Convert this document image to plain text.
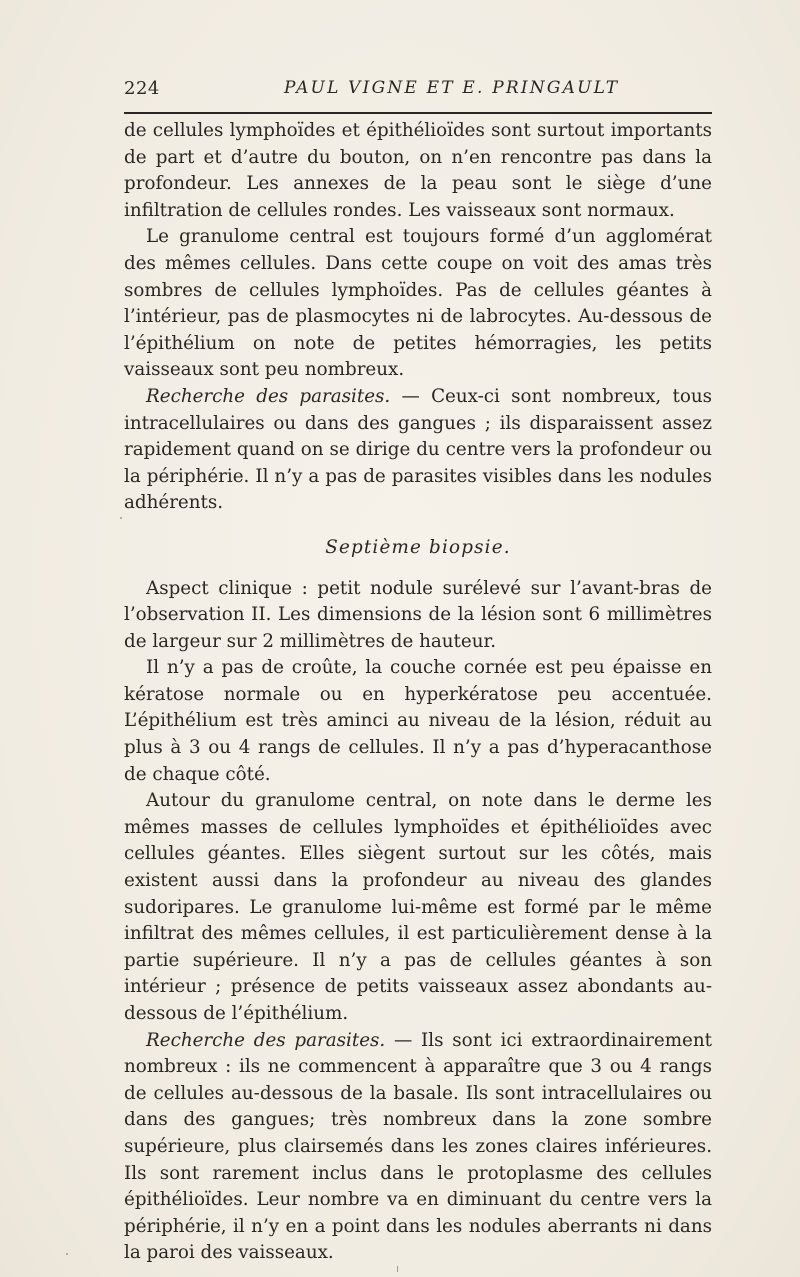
224	PAUL VIGNE ET E. PRINGAULT

de cellules lymphoïdes et épithélioïdes sont surtout importants de part et d’autre du bouton, on n’en rencontre pas dans la profondeur. Les annexes de la peau sont le siège d’une infiltration de cellules rondes. Les vaisseaux sont normaux.

Le granulome central est toujours formé d’un agglomérat des mêmes cellules. Dans cette coupe on voit des amas très sombres de cellules lymphoïdes. Pas de cellules géantes à l’intérieur, pas de plasmocytes ni de labrocytes. Au-dessous de l’épithélium on note de petites hémorragies, les petits vaisseaux sont peu nombreux.

Recherche des parasites. — Ceux-ci sont nombreux, tous intracellulaires ou dans des gangues ; ils disparaissent assez rapidement quand on se dirige du centre vers la profondeur ou la périphérie. Il n’y a pas de parasites visibles dans les nodules adhérents.

Septième biopsie.

Aspect clinique : petit nodule surélevé sur l’avant-bras de l’observation II. Les dimensions de la lésion sont 6 millimètres de largeur sur 2 millimètres de hauteur.

Il n’y a pas de croûte, la couche cornée est peu épaisse en kératose normale ou en hyperkératose peu accentuée. L’épithélium est très aminci au niveau de la lésion, réduit au plus à 3 ou 4 rangs de cellules. Il n’y a pas d’hyperacanthose de chaque côté.

Autour du granulome central, on note dans le derme les mêmes masses de cellules lymphoïdes et épithélioïdes avec cellules géantes. Elles siègent surtout sur les côtés, mais existent aussi dans la profondeur au niveau des glandes sudoripares. Le granulome lui-même est formé par le même infiltrat des mêmes cellules, il est particulièrement dense à la partie supérieure. Il n’y a pas de cellules géantes à son intérieur ; présence de petits vaisseaux assez abondants au-dessous de l’épithélium.

Recherche des parasites. — Ils sont ici extraordinairement nombreux : ils ne commencent à apparaître que 3 ou 4 rangs de cellules au-dessous de la basale. Ils sont intracellulaires ou dans des gangues; très nombreux dans la zone sombre supérieure, plus clairsemés dans les zones claires inférieures. Ils sont rarement inclus dans le protoplasme des cellules épithélioïdes. Leur nombre va en diminuant du centre vers la périphérie, il n’y en a point dans les nodules aberrants ni dans la paroi des vaisseaux.
